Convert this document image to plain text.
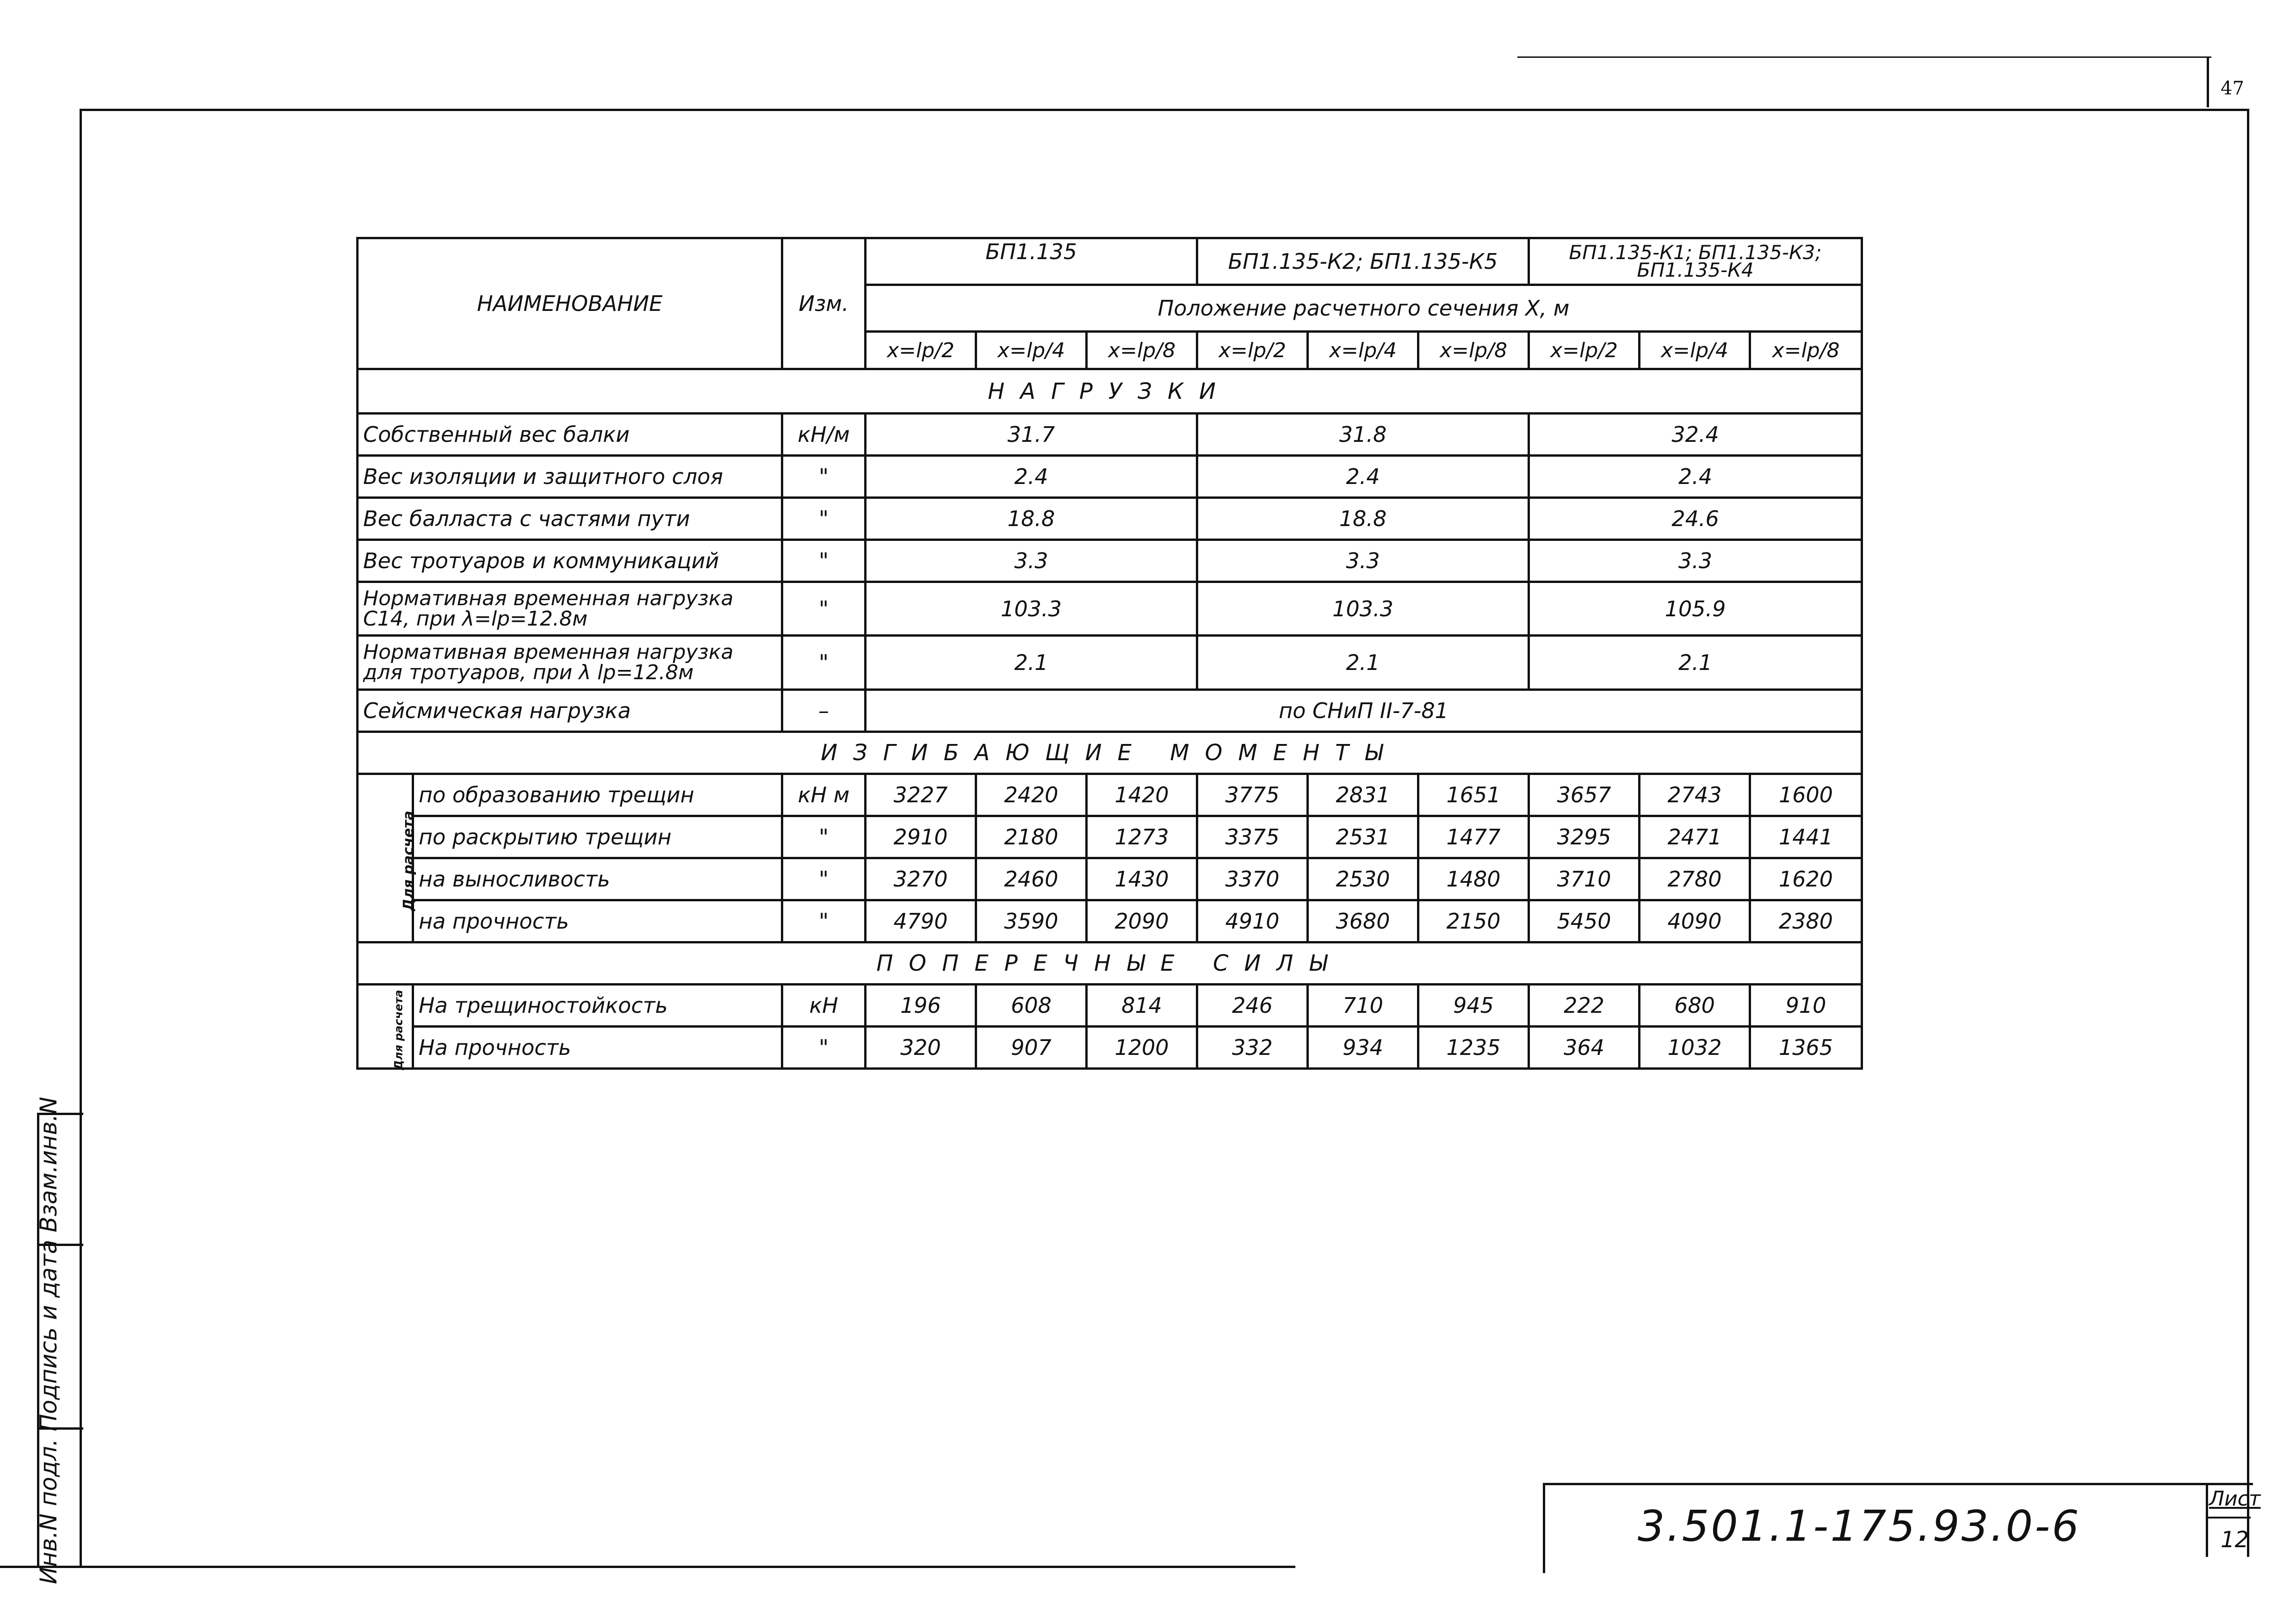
47
Инв.N подл. Подпись и дата Взам.инв.N	3.501.1-175.93.0-6
Лист
12
НАИМЕНОВАНИЕ		Изм.	БП1.135			БП1.135-К2; БП1.135-К5			БП1.135-К1; БП1.135-К3; БП1.135-К4		
			Положение расчетного сечения Х, м								
			x=lp/2	x=lp/4	x=lp/8	x=lp/2	x=lp/4	x=lp/8	x=lp/2	x=lp/4	x=lp/8
НАГРУЗКИ											
Собственный вес балки		кН/м	31.7			31.8			32.4		
Вес изоляции и защитного слоя		"	2.4			2.4			2.4		
Вес балласта с частями пути		"	18.8			18.8			24.6		
Вес тротуаров и коммуникаций		"	3.3			3.3			3.3		
Нормативная временная нагрузка С14, при λ=lp=12.8м		"	103.3			103.3			105.9		
Нормативная временная нагрузка для тротуаров, при λ lp=12.8м		"	2.1			2.1			2.1		
Сейсмическая нагрузка		–	по СНиП II-7-81								
ИЗГИБАЮЩИЕ МОМЕНТЫ											
Для расчета	по образованию трещин	кН м	3227	2420	1420	3775	2831	1651	3657	2743	1600
	по раскрытию трещин	"	2910	2180	1273	3375	2531	1477	3295	2471	1441
	на выносливость	"	3270	2460	1430	3370	2530	1480	3710	2780	1620
	на прочность	"	4790	3590	2090	4910	3680	2150	5450	4090	2380
ПОПЕРЕЧНЫЕ СИЛЫ											
Для расчета	На трещиностойкость	кН	196	608	814	246	710	945	222	680	910
	На прочность	"	320	907	1200	332	934	1235	364	1032	1365
